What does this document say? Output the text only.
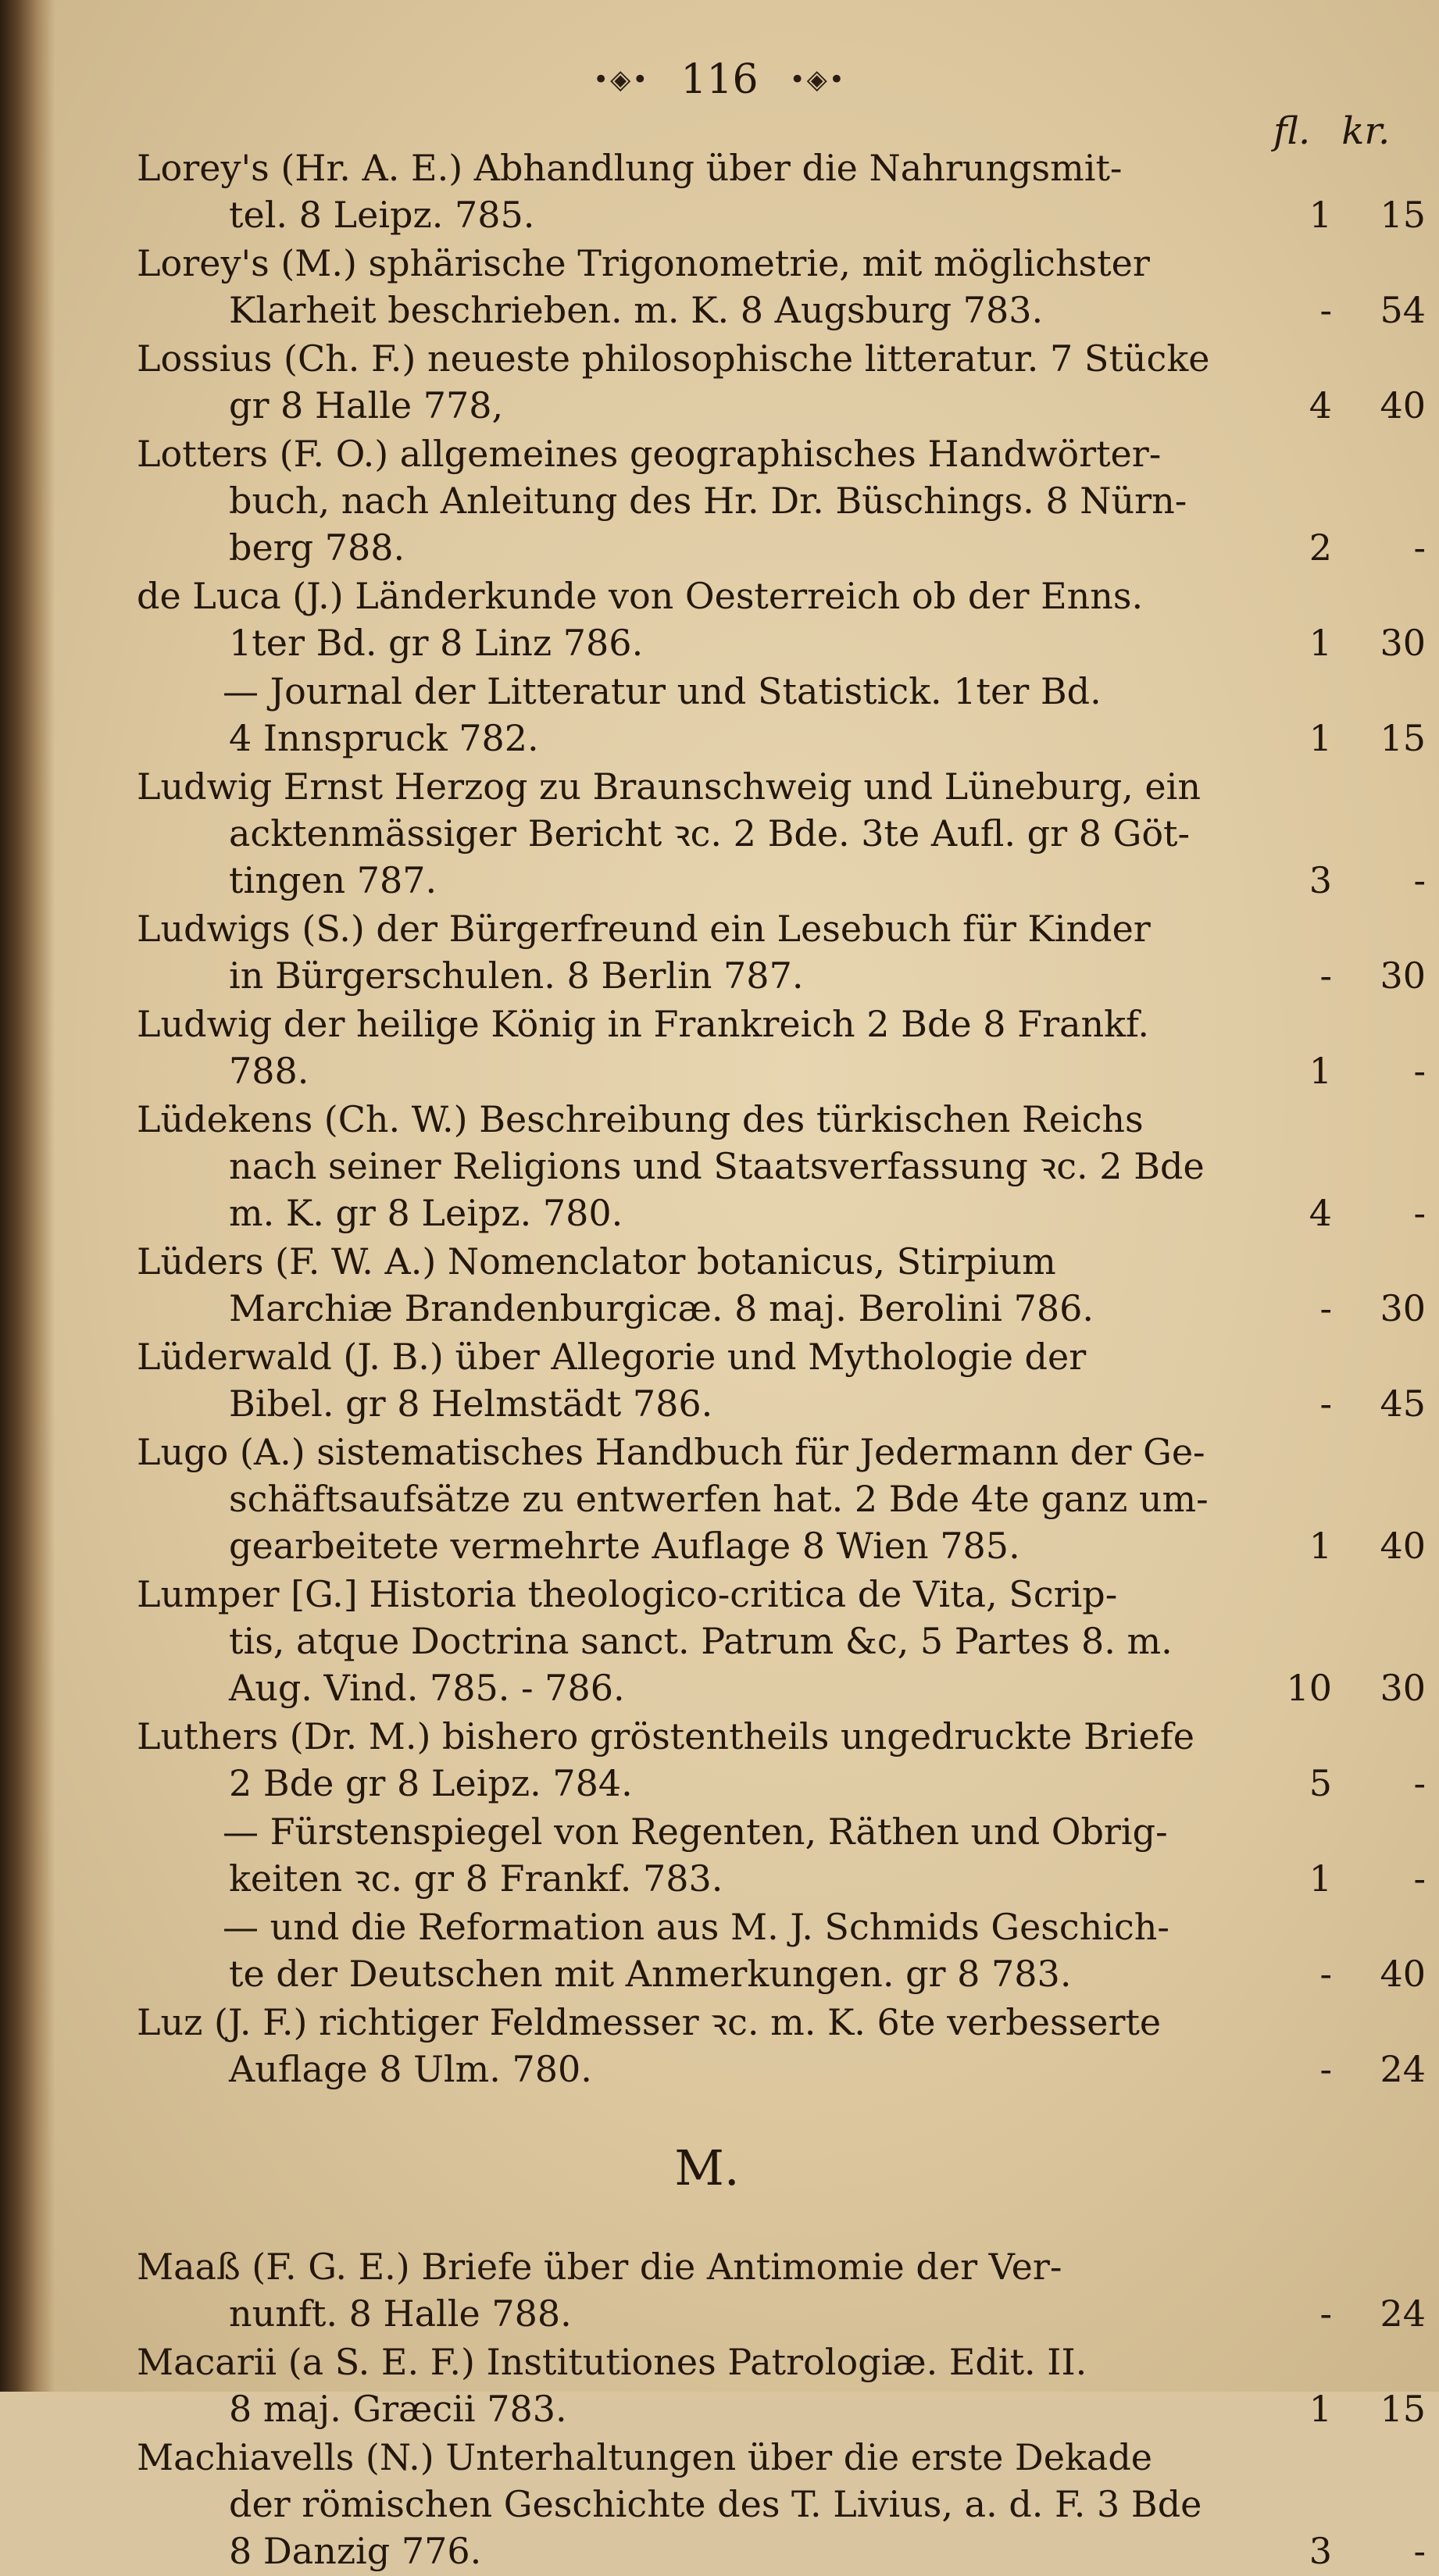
•◈• 116 •◈•
fl. kr.
Lorey's (Hr. A. E.) Abhandlung über die Nahrungsmit-
tel. 8 Leipz. 785.	1	15
Lorey's (M.) sphärische Trigonometrie, mit möglichster
Klarheit beschrieben. m. K. 8 Augsburg 783.	-	54
Lossius (Ch. F.) neueste philosophische litteratur. 7 Stücke
gr 8 Halle 778,	4	40
Lotters (F. O.) allgemeines geographisches Handwörter-
buch, nach Anleitung des Hr. Dr. Büschings. 8 Nürn-
berg 788.	2	-
de Luca (J.) Länderkunde von Oesterreich ob der Enns.
1ter Bd. gr 8 Linz 786.	1	30
— Journal der Litteratur und Statistick. 1ter Bd.
4 Innspruck 782.	1	15
Ludwig Ernst Herzog zu Braunschweig und Lüneburg, ein
acktenmässiger Bericht ꝛc. 2 Bde. 3te Aufl. gr 8 Göt-
tingen 787.	3	-
Ludwigs (S.) der Bürgerfreund ein Lesebuch für Kinder
in Bürgerschulen. 8 Berlin 787.	-	30
Ludwig der heilige König in Frankreich 2 Bde 8 Frankf.
788.	1	-
Lüdekens (Ch. W.) Beschreibung des türkischen Reichs
nach seiner Religions und Staatsverfassung ꝛc. 2 Bde
m. K. gr 8 Leipz. 780.	4	-
Lüders (F. W. A.) Nomenclator botanicus, Stirpium
Marchiæ Brandenburgicæ. 8 maj. Berolini 786.	-	30
Lüderwald (J. B.) über Allegorie und Mythologie der
Bibel. gr 8 Helmstädt 786.	-	45
Lugo (A.) sistematisches Handbuch für Jedermann der Ge-
schäftsaufsätze zu entwerfen hat. 2 Bde 4te ganz um-
gearbeitete vermehrte Auflage 8 Wien 785.	1	40
Lumper [G.] Historia theologico-critica de Vita, Scrip-
tis, atque Doctrina sanct. Patrum &c, 5 Partes 8. m.
Aug. Vind. 785. - 786.	10	30
Luthers (Dr. M.) bishero gröstentheils ungedruckte Briefe
2 Bde gr 8 Leipz. 784.	5	-
— Fürstenspiegel von Regenten, Räthen und Obrig-
keiten ꝛc. gr 8 Frankf. 783.	1	-
— und die Reformation aus M. J. Schmids Geschich-
te der Deutschen mit Anmerkungen. gr 8 783.	-	40
Luz (J. F.) richtiger Feldmesser ꝛc. m. K. 6te verbesserte
Auflage 8 Ulm. 780.	-	24
M.
Maaß (F. G. E.) Briefe über die Antimomie der Ver-
nunft. 8 Halle 788.	-	24
Macarii (a S. E. F.) Institutiones Patrologiæ. Edit. II.
8 maj. Græcii 783.	1	15
Machiavells (N.) Unterhaltungen über die erste Dekade
der römischen Geschichte des T. Livius, a. d. F. 3 Bde
8 Danzig 776.	3	-
